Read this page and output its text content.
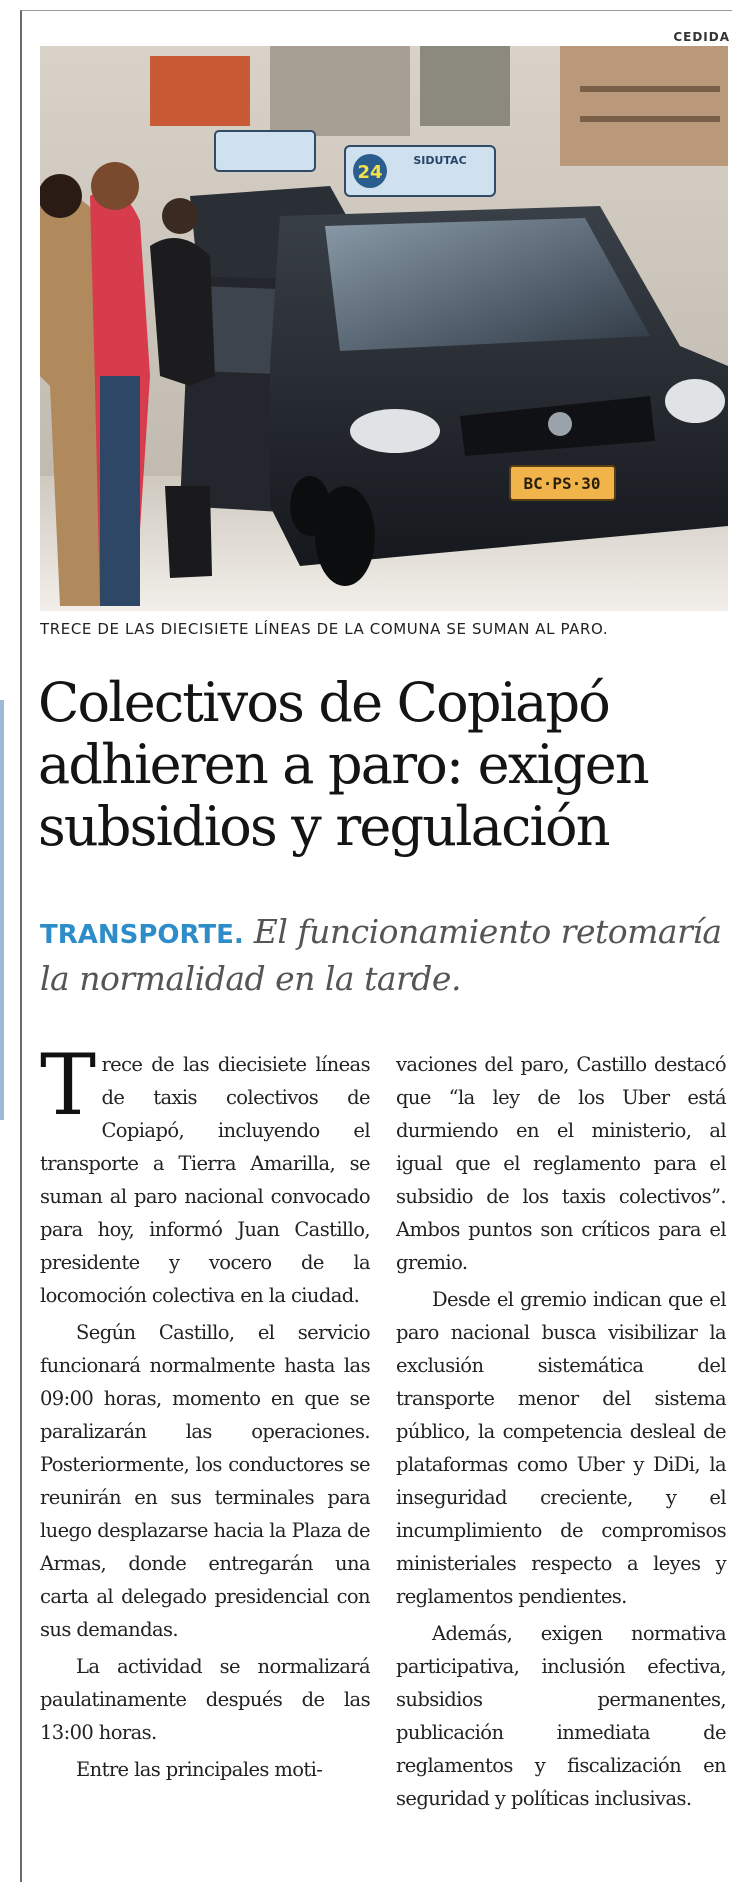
CEDIDA
24
SIDUTAC
BC·PS·30
TRECE DE LAS DIECISIETE LÍNEAS DE LA COMUNA SE SUMAN AL PARO.
Colectivos de Copiapó adhieren a paro: exigen subsidios y regulación
TRANSPORTE. El funcionamiento retomaría la normalidad en la tarde.

Trece de las diecisiete líneas de taxis colectivos de Copiapó, incluyendo el transporte a Tierra Amarilla, se suman al paro nacional convocado para hoy, informó Juan Castillo, presidente y vocero de la locomoción colectiva en la ciudad.

Según Castillo, el servicio funcionará normalmente hasta las 09:00 horas, momento en que se paralizarán las operaciones. Posteriormente, los conductores se reunirán en sus terminales para luego desplazarse hacia la Plaza de Armas, donde entregarán una carta al delegado presidencial con sus demandas.

La actividad se normalizará paulatinamente después de las 13:00 horas.

Entre las principales moti-

vaciones del paro, Castillo destacó que “la ley de los Uber está durmiendo en el ministerio, al igual que el reglamento para el subsidio de los taxis colectivos”. Ambos puntos son críticos para el gremio.

Desde el gremio indican que el paro nacional busca visibilizar la exclusión sistemática del transporte menor del sistema público, la competencia desleal de plataformas como Uber y DiDi, la inseguridad creciente, y el incumplimiento de compromisos ministeriales respecto a leyes y reglamentos pendientes.

Además, exigen normativa participativa, inclusión efectiva, subsidios permanentes, publicación inmediata de reglamentos y fiscalización en seguridad y políticas inclusivas.
